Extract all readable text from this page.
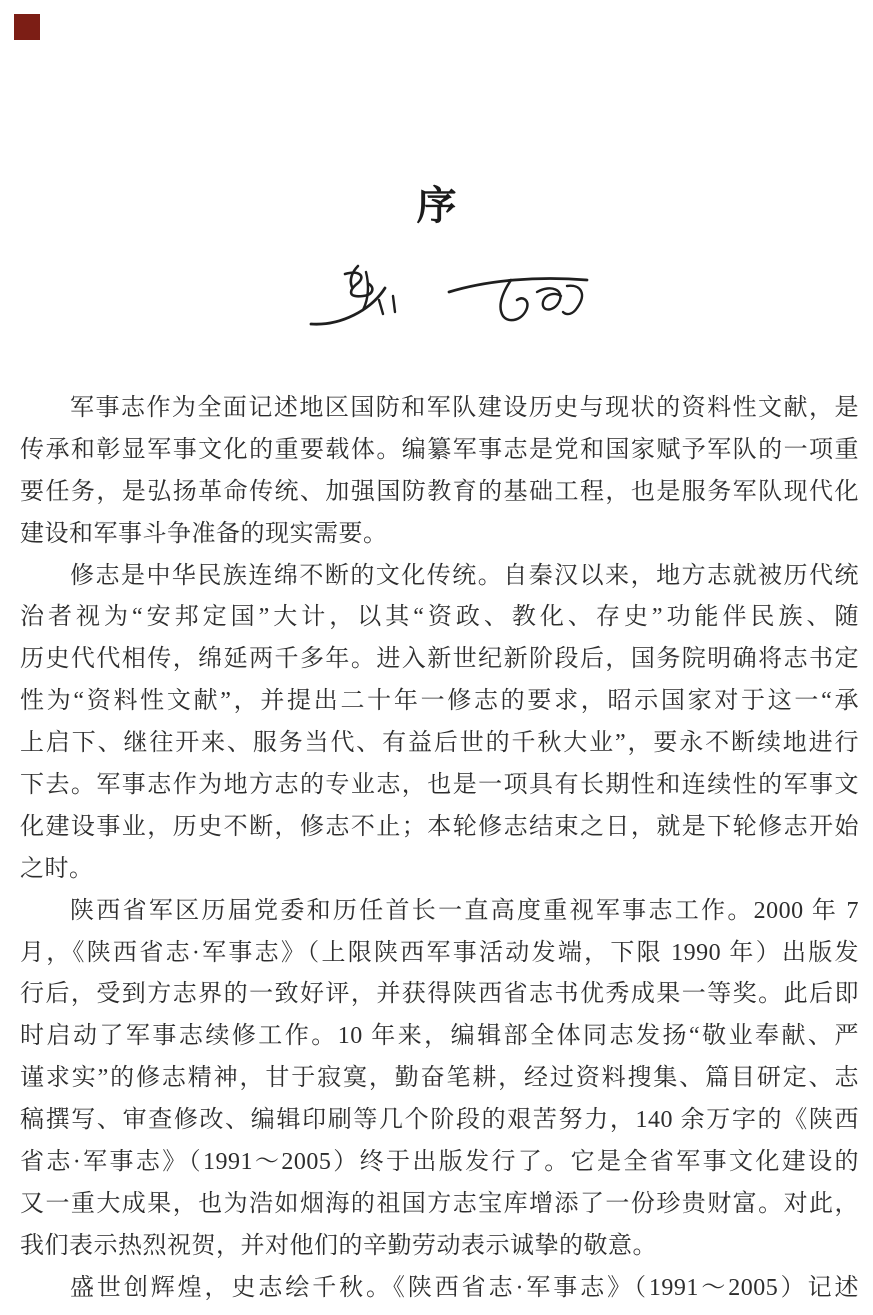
序
军事志作为全面记述地区国防和军队建设历史与现状的资料性文献，是
传承和彰显军事文化的重要载体。编纂军事志是党和国家赋予军队的一项重
要任务，是弘扬革命传统、加强国防教育的基础工程，也是服务军队现代化
建设和军事斗争准备的现实需要。
修志是中华民族连绵不断的文化传统。自秦汉以来，地方志就被历代统
治者视为“安邦定国”大计，以其“资政、教化、存史”功能伴民族、随
历史代代相传，绵延两千多年。进入新世纪新阶段后，国务院明确将志书定
性为“资料性文献”，并提出二十年一修志的要求，昭示国家对于这一“承
上启下、继往开来、服务当代、有益后世的千秋大业”，要永不断续地进行
下去。军事志作为地方志的专业志，也是一项具有长期性和连续性的军事文
化建设事业，历史不断，修志不止；本轮修志结束之日，就是下轮修志开始
之时。
陕西省军区历届党委和历任首长一直高度重视军事志工作。2000 年 7
月，《陕西省志·军事志》（上限陕西军事活动发端，下限 1990 年）出版发
行后，受到方志界的一致好评，并获得陕西省志书优秀成果一等奖。此后即
时启动了军事志续修工作。10 年来，编辑部全体同志发扬“敬业奉献、严
谨求实”的修志精神，甘于寂寞，勤奋笔耕，经过资料搜集、篇目研定、志
稿撰写、审查修改、编辑印刷等几个阶段的艰苦努力，140 余万字的《陕西
省志·军事志》（1991～2005）终于出版发行了。它是全省军事文化建设的
又一重大成果，也为浩如烟海的祖国方志宝库增添了一份珍贵财富。对此，
我们表示热烈祝贺，并对他们的辛勤劳动表示诚挚的敬意。
盛世创辉煌，史志绘千秋。《陕西省志·军事志》（1991～2005）记述
